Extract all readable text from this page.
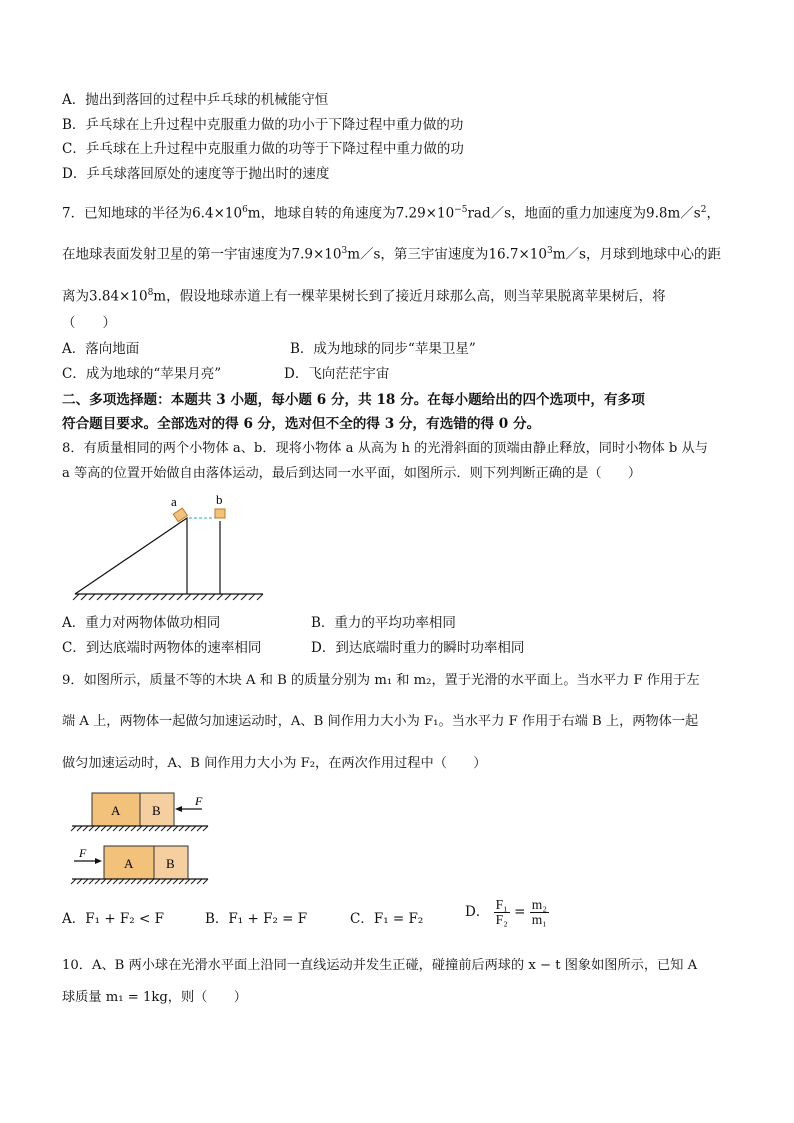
A．抛出到落回的过程中乒乓球的机械能守恒
B．乒乓球在上升过程中克服重力做的功小于下降过程中重力做的功
C．乒乓球在上升过程中克服重力做的功等于下降过程中重力做的功
D．乒乓球落回原处的速度等于抛出时的速度
7．已知地球的半径为$6.4\times 10^6m$，地球自转的角速度为$7.29\times 10^{-5}rad/s$，地面的重力加速度为$9.8m/s^2$，
在地球表面发射卫星的第一宇宙速度为$7.9\times 10^3m/s$，第三宇宙速度为$16.7\times 10^3m/s$，月球到地球中心的距
离为$3.84\times 10^8m$，假设地球赤道上有一棵苹果树长到了接近月球那么高，则当苹果脱离苹果树后，将
（　　）
A．落向地面	B．成为地球的同步“苹果卫星”
C．成为地球的“苹果月亮”	D．飞向茫茫宇宙
二、多项选择题：本题共 3 小题，每小题 6 分，共 18 分。在每小题给出的四个选项中，有多项
符合题目要求。全部选对的得 6 分，选对但不全的得 3 分，有选错的得 0 分。
8．有质量相同的两个小物体 a、b．现将小物体 a 从高为 h 的光滑斜面的顶端由静止释放，同时小物体 b 从与
a 等高的位置开始做自由落体运动，最后到达同一水平面，如图所示．则下列判断正确的是（　　）
a	b
A．重力对两物体做功相同	B．重力的平均功率相同
C．到达底端时两物体的速率相同	D．到达底端时重力的瞬时功率相同
9．如图所示，质量不等的木块 A 和 B 的质量分别为 m₁ 和 m₂，置于光滑的水平面上。当水平力 F 作用于左
端 A 上，两物体一起做匀加速运动时，A、B 间作用力大小为 F₁。当水平力 F 作用于右端 B 上，两物体一起
做匀加速运动时，A、B 间作用力大小为 F₂，在两次作用过程中（　　）
A B
F
A	B
F
A．F₁ + F₂ < F	B．F₁ + F₂ = F	C．F₁ = F₂	D． $\frac{\text{F₁}}{\text{F₂}} = \frac{\text{m₂}}{\text{m₁}}$
10．A、B 两小球在光滑水平面上沿同一直线运动并发生正碰，碰撞前后两球的 x − t 图象如图所示，已知 A
球质量 m₁ = 1kg，则（　　）
